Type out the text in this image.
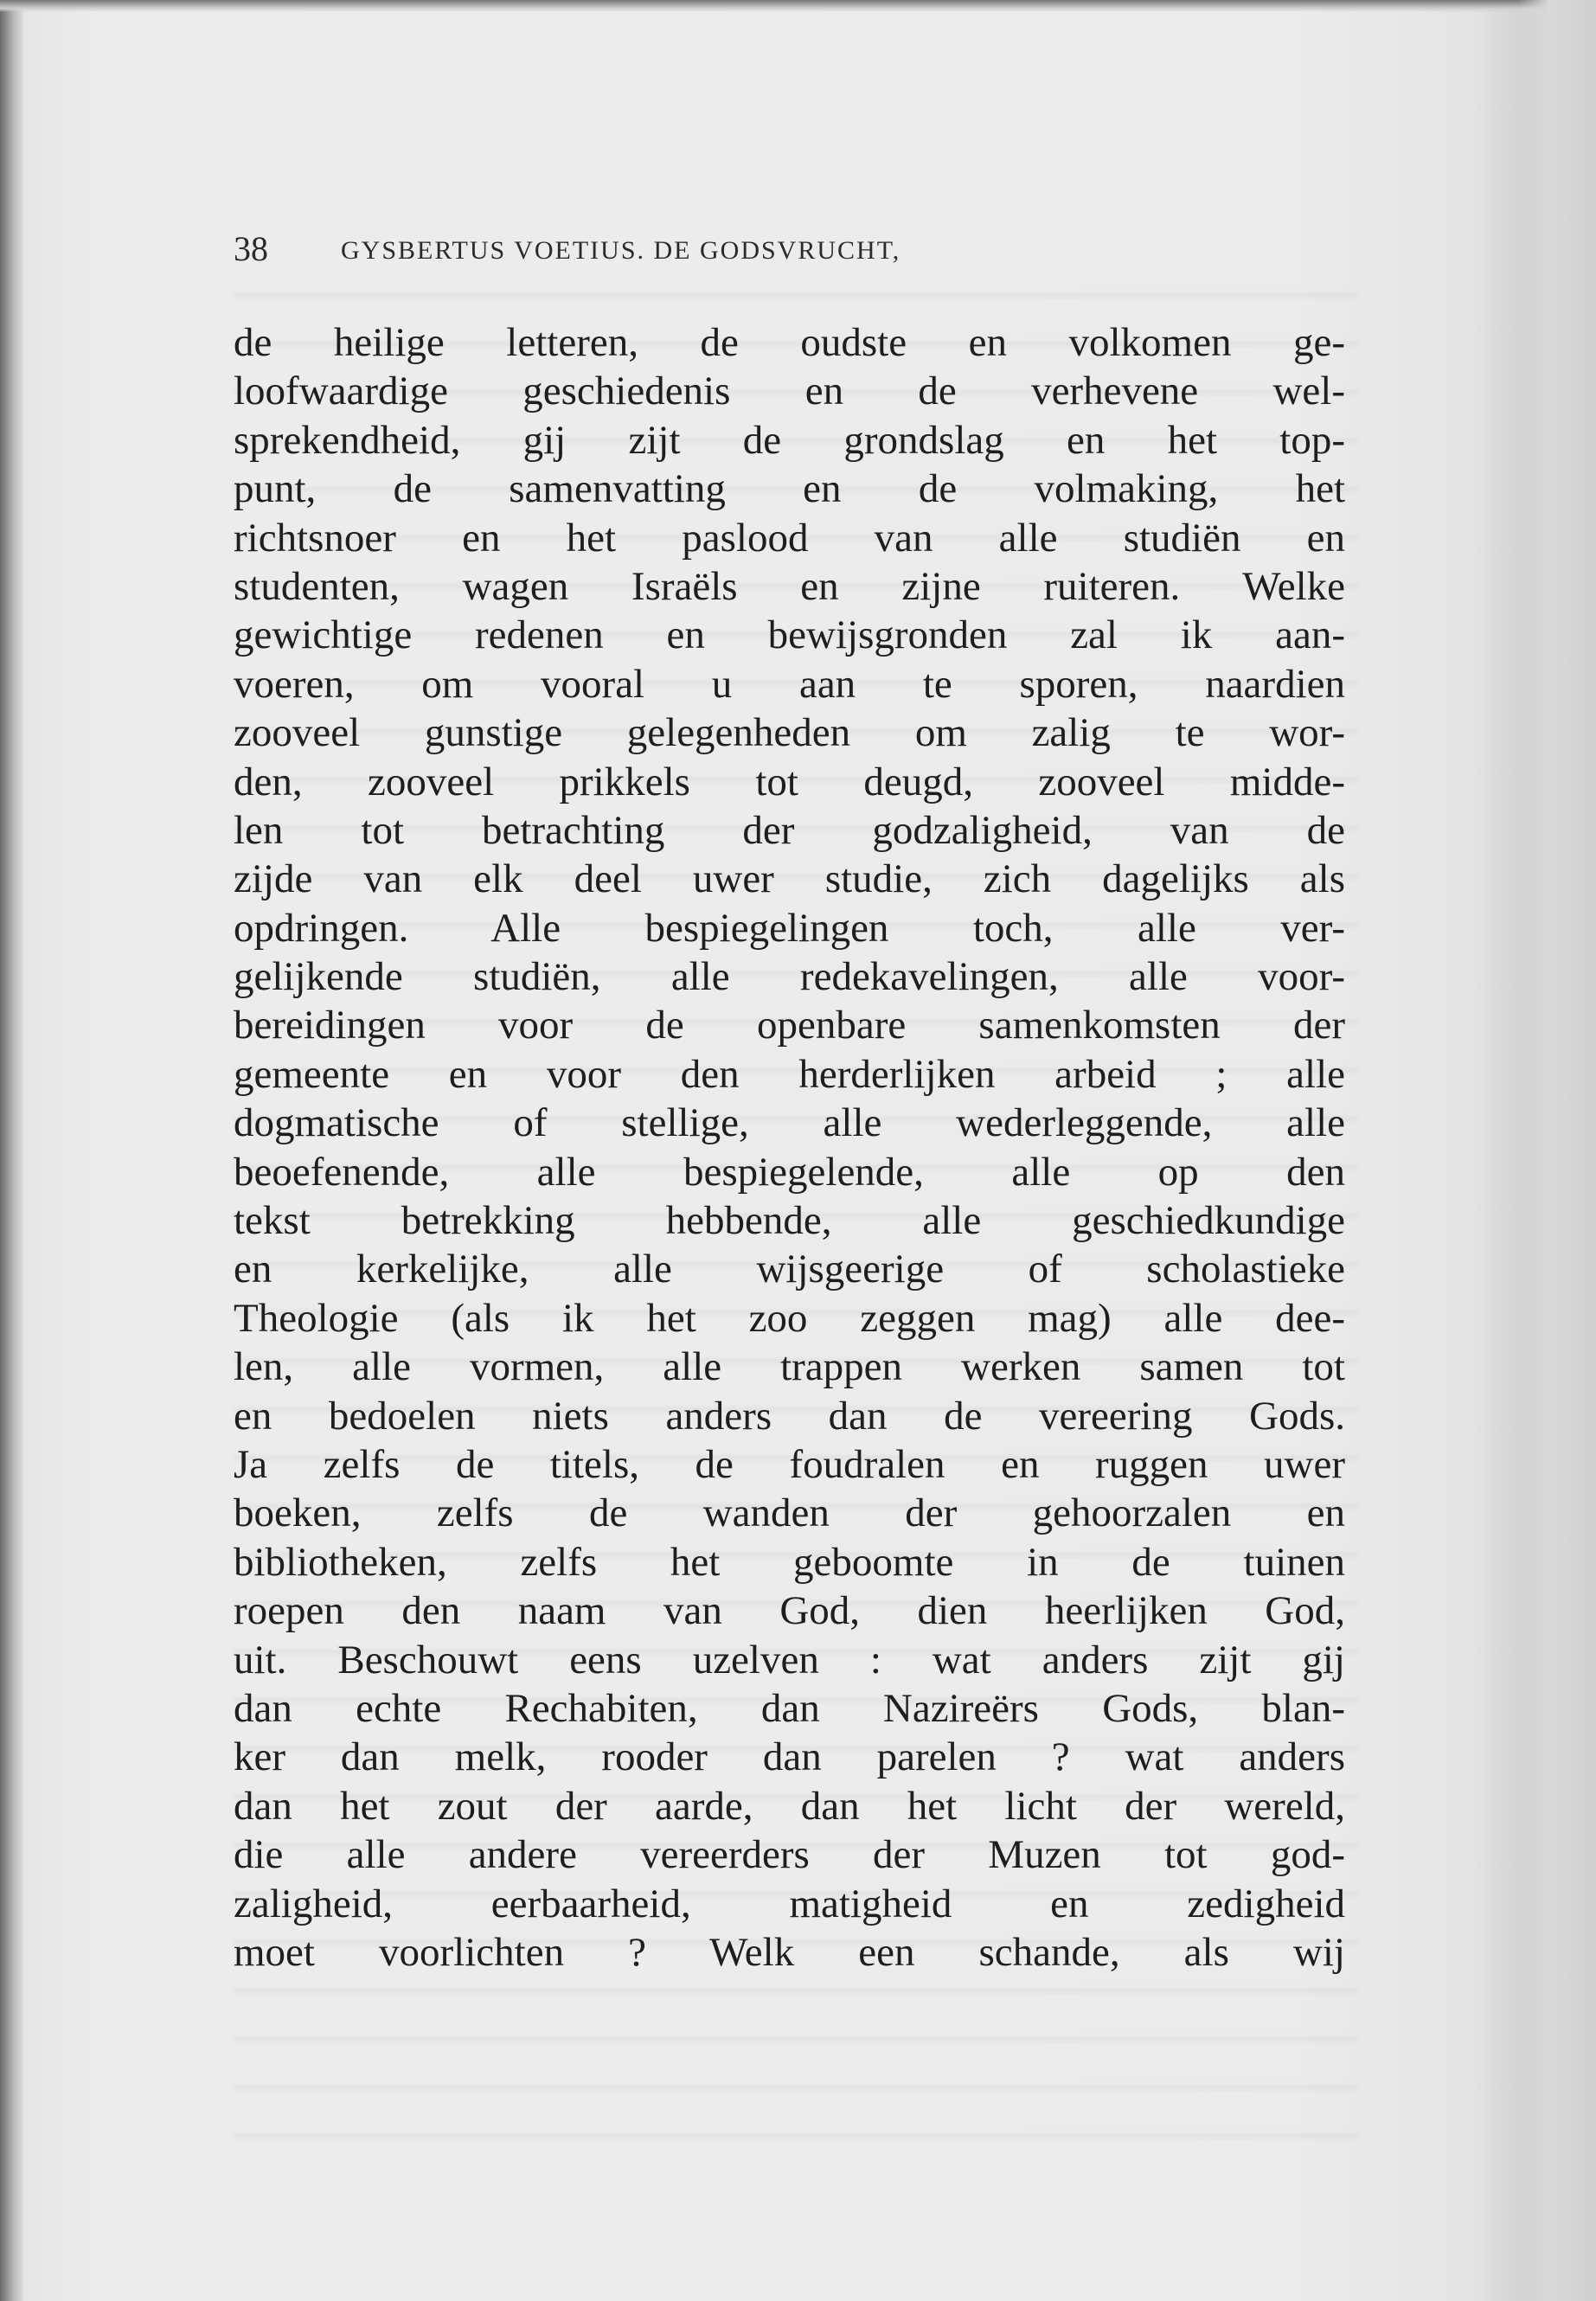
38	GYSBERTUS VOETIUS. DE GODSVRUCHT,
de heilige letteren, de oudste en volkomen ge-
loofwaardige geschiedenis en de verhevene wel-
sprekendheid, gij zijt de grondslag en het top-
punt, de samenvatting en de volmaking, het
richtsnoer en het paslood van alle studiën en
studenten, wagen Israëls en zijne ruiteren. Welke
gewichtige redenen en bewijsgronden zal ik aan-
voeren, om vooral u aan te sporen, naardien
zooveel gunstige gelegenheden om zalig te wor-
den, zooveel prikkels tot deugd, zooveel midde-
len tot betrachting der godzaligheid, van de
zijde van elk deel uwer studie, zich dagelijks als
opdringen. Alle bespiegelingen toch, alle ver-
gelijkende studiën, alle redekavelingen, alle voor-
bereidingen voor de openbare samenkomsten der
gemeente en voor den herderlijken arbeid ; alle
dogmatische of stellige, alle wederleggende, alle
beoefenende, alle bespiegelende, alle op den
tekst betrekking hebbende, alle geschiedkundige
en kerkelijke, alle wijsgeerige of scholastieke
Theologie (als ik het zoo zeggen mag) alle dee-
len, alle vormen, alle trappen werken samen tot
en bedoelen niets anders dan de vereering Gods.
Ja zelfs de titels, de foudralen en ruggen uwer
boeken, zelfs de wanden der gehoorzalen en
bibliotheken, zelfs het geboomte in de tuinen
roepen den naam van God, dien heerlijken God,
uit. Beschouwt eens uzelven : wat anders zijt gij
dan echte Rechabiten, dan Nazireërs Gods, blan-
ker dan melk, rooder dan parelen ? wat anders
dan het zout der aarde, dan het licht der wereld,
die alle andere vereerders der Muzen tot god-
zaligheid, eerbaarheid, matigheid en zedigheid
moet voorlichten ? Welk een schande, als wij
